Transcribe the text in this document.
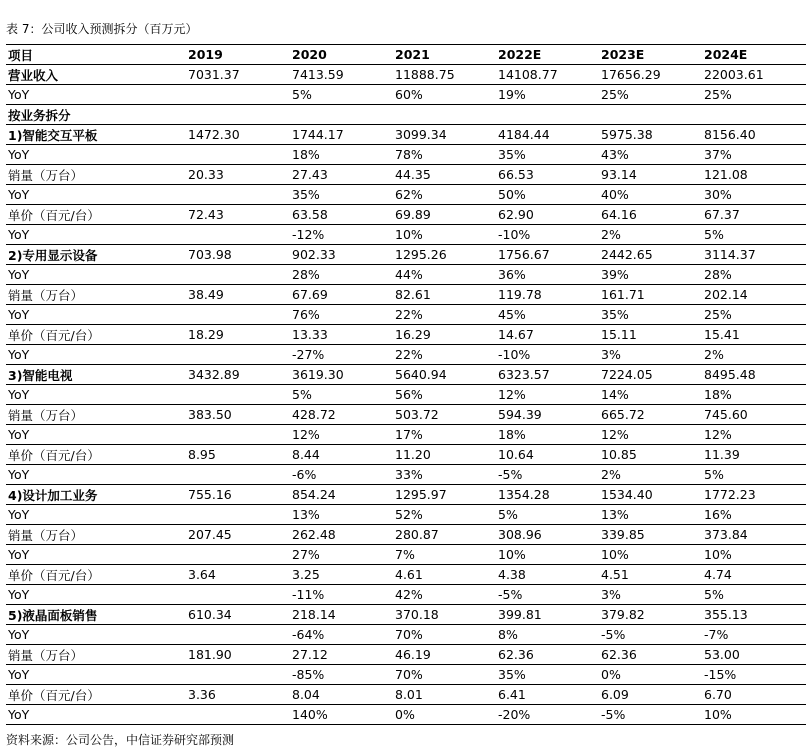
表 7：公司收入预测拆分（百万元）
项目	2019	2020	2021	2022E	2023E	2024E
营业收入	7031.37	7413.59	11888.75	14108.77	17656.29	22003.61
YoY		5%	60%	19%	25%	25%
按业务拆分						
1)智能交互平板	1472.30	1744.17	3099.34	4184.44	5975.38	8156.40
YoY		18%	78%	35%	43%	37%
销量（万台）	20.33	27.43	44.35	66.53	93.14	121.08
YoY		35%	62%	50%	40%	30%
单价（百元/台）	72.43	63.58	69.89	62.90	64.16	67.37
YoY		-12%	10%	-10%	2%	5%
2)专用显示设备	703.98	902.33	1295.26	1756.67	2442.65	3114.37
YoY		28%	44%	36%	39%	28%
销量（万台）	38.49	67.69	82.61	119.78	161.71	202.14
YoY		76%	22%	45%	35%	25%
单价（百元/台）	18.29	13.33	16.29	14.67	15.11	15.41
YoY		-27%	22%	-10%	3%	2%
3)智能电视	3432.89	3619.30	5640.94	6323.57	7224.05	8495.48
YoY		5%	56%	12%	14%	18%
销量（万台）	383.50	428.72	503.72	594.39	665.72	745.60
YoY		12%	17%	18%	12%	12%
单价（百元/台）	8.95	8.44	11.20	10.64	10.85	11.39
YoY		-6%	33%	-5%	2%	5%
4)设计加工业务	755.16	854.24	1295.97	1354.28	1534.40	1772.23
YoY		13%	52%	5%	13%	16%
销量（万台）	207.45	262.48	280.87	308.96	339.85	373.84
YoY		27%	7%	10%	10%	10%
单价（百元/台）	3.64	3.25	4.61	4.38	4.51	4.74
YoY		-11%	42%	-5%	3%	5%
5)液晶面板销售	610.34	218.14	370.18	399.81	379.82	355.13
YoY		-64%	70%	8%	-5%	-7%
销量（万台）	181.90	27.12	46.19	62.36	62.36	53.00
YoY		-85%	70%	35%	0%	-15%
单价（百元/台）	3.36	8.04	8.01	6.41	6.09	6.70
YoY		140%	0%	-20%	-5%	10%
资料来源：公司公告，中信证券研究部预测
